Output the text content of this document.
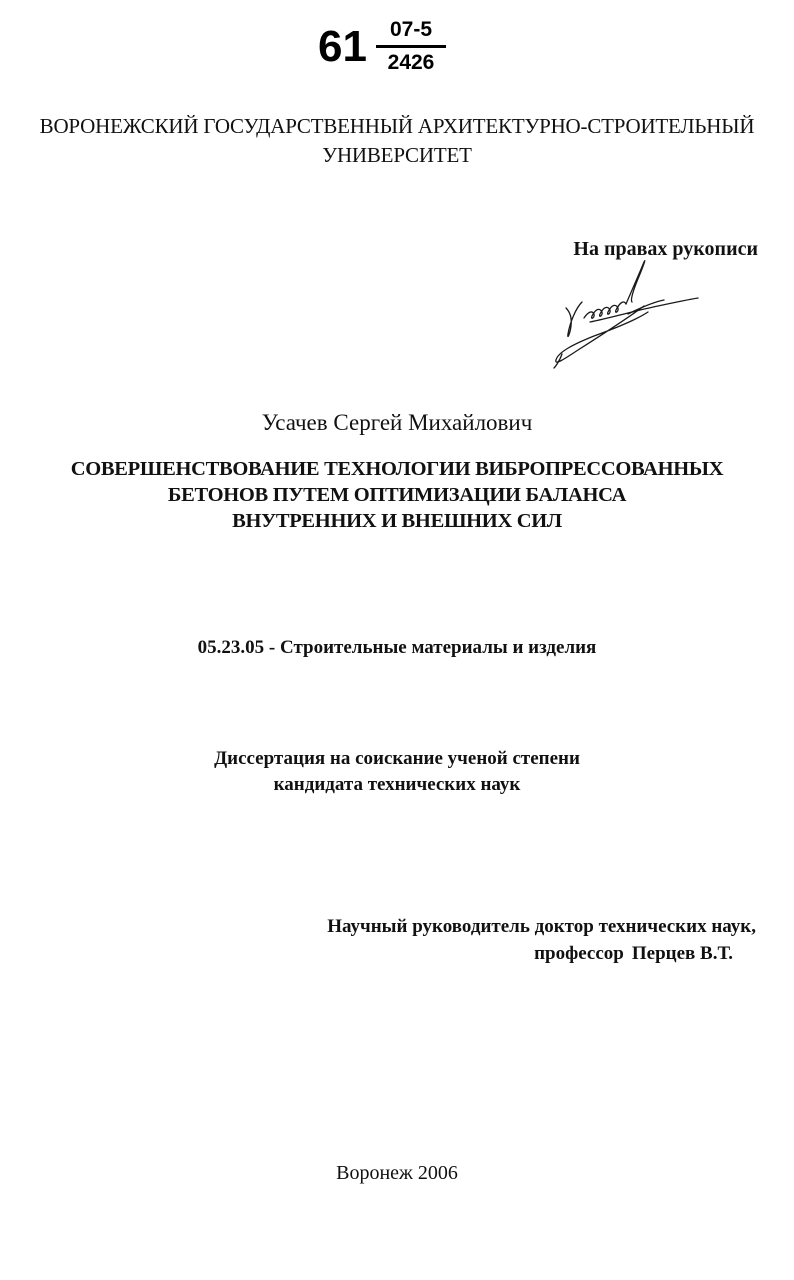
61	07-5
2426
ВОРОНЕЖСКИЙ ГОСУДАРСТВЕННЫЙ АРХИТЕКТУРНО-СТРОИТЕЛЬНЫЙ
УНИВЕРСИТЕТ
На правах рукописи
Усачев Сергей Михайлович
СОВЕРШЕНСТВОВАНИЕ ТЕХНОЛОГИИ ВИБРОПРЕССОВАННЫХ
БЕТОНОВ ПУТЕМ ОПТИМИЗАЦИИ БАЛАНСА
ВНУТРЕННИХ И ВНЕШНИХ СИЛ
05.23.05 - Строительные материалы и изделия
Диссертация на соискание ученой степени
кандидата технических наук
Научный руководитель доктор технических наук,
профессор Перцев В.Т.
Воронеж 2006
